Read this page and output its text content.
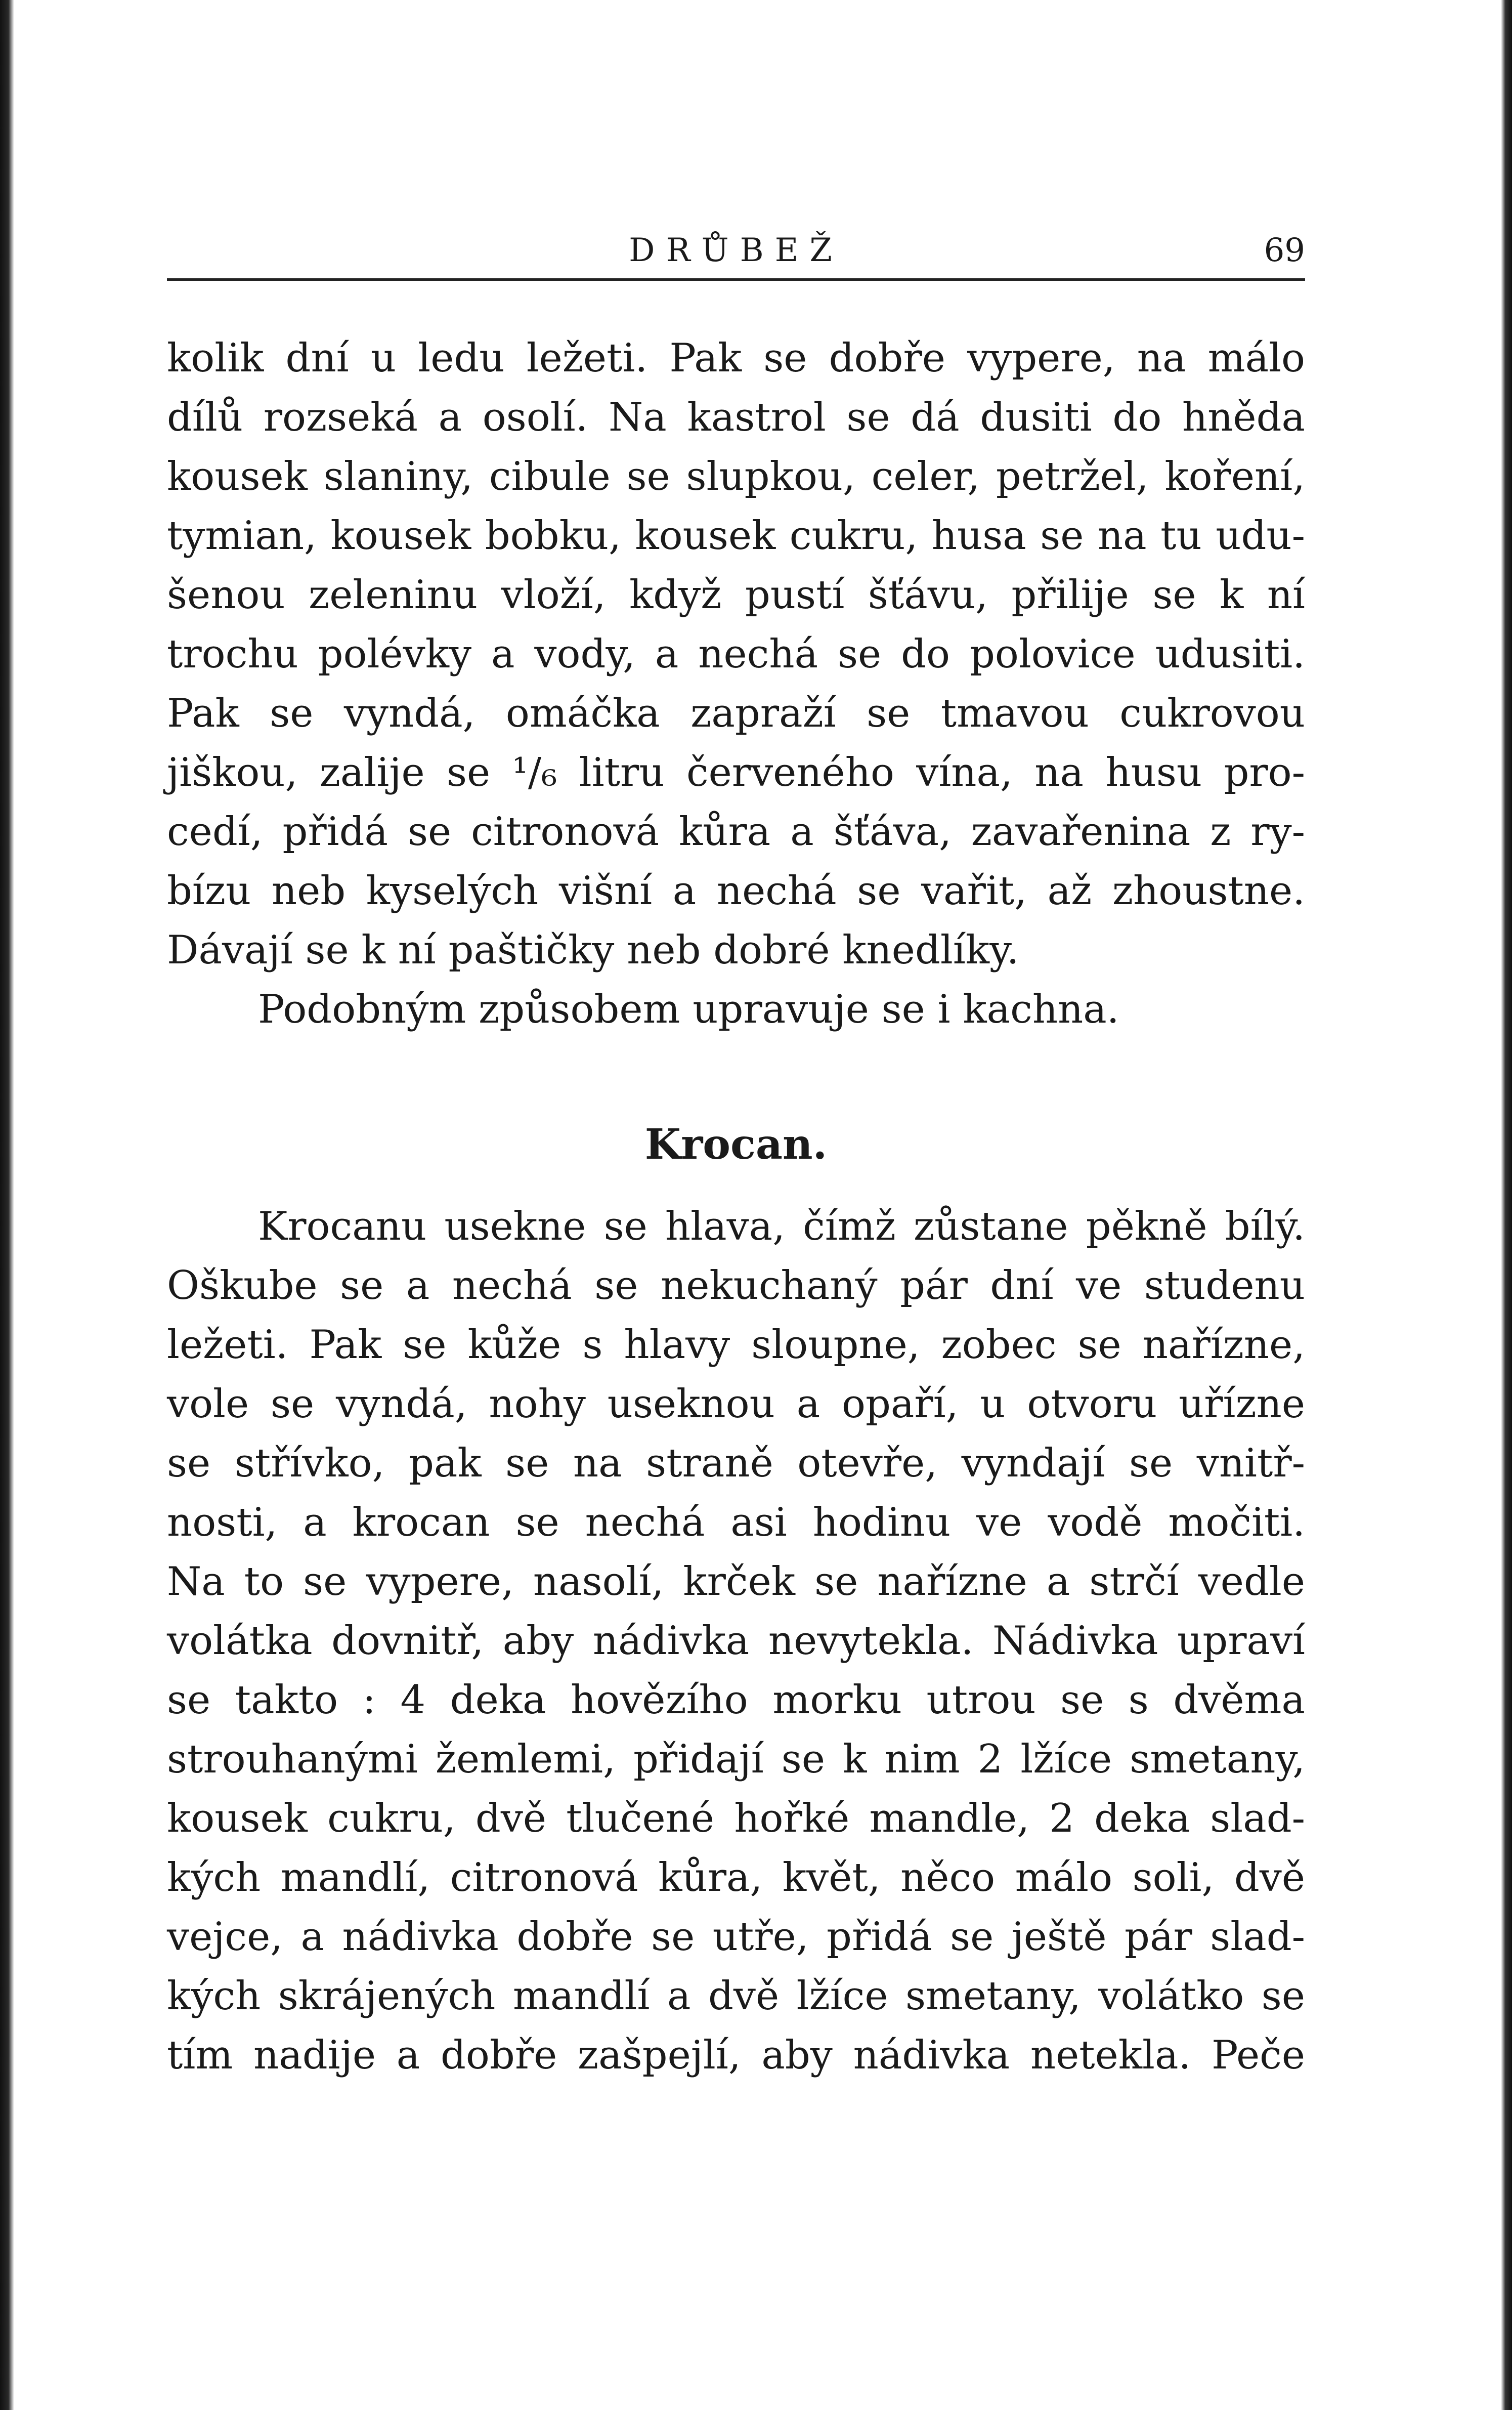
DRŮBEŽ	69
kolik dní u ledu ležeti. Pak se dobře vypere, na málo
dílů rozseká a osolí. Na kastrol se dá dusiti do hněda
kousek slaniny, cibule se slupkou, celer, petržel, koření,
tymian, kousek bobku, kousek cukru, husa se na tu udu-
šenou zeleninu vloží, když pustí šťávu, přilije se k ní
trochu polévky a vody, a nechá se do polovice udusiti.
Pak se vyndá, omáčka zapraží se tmavou cukrovou
jiškou, zalije se ¹/₆ litru červeného vína, na husu pro-
cedí, přidá se citronová kůra a šťáva, zavařenina z ry-
bízu neb kyselých višní a nechá se vařit, až zhoustne.
Dávají se k ní paštičky neb dobré knedlíky.
Podobným způsobem upravuje se i kachna.
Krocan.
Krocanu usekne se hlava, čímž zůstane pěkně bílý.
Oškube se a nechá se nekuchaný pár dní ve studenu
ležeti. Pak se kůže s hlavy sloupne, zobec se nařízne,
vole se vyndá, nohy useknou a opaří, u otvoru uřízne
se střívko, pak se na straně otevře, vyndají se vnitř-
nosti, a krocan se nechá asi hodinu ve vodě močiti.
Na to se vypere, nasolí, krček se nařízne a strčí vedle
volátka dovnitř, aby nádivka nevytekla. Nádivka upraví
se takto : 4 deka hovězího morku utrou se s dvěma
strouhanými žemlemi, přidají se k nim 2 lžíce smetany,
kousek cukru, dvě tlučené hořké mandle, 2 deka slad-
kých mandlí, citronová kůra, květ, něco málo soli, dvě
vejce, a nádivka dobře se utře, přidá se ještě pár slad-
kých skrájených mandlí a dvě lžíce smetany, volátko se
tím nadije a dobře zašpejlí, aby nádivka netekla. Peče
